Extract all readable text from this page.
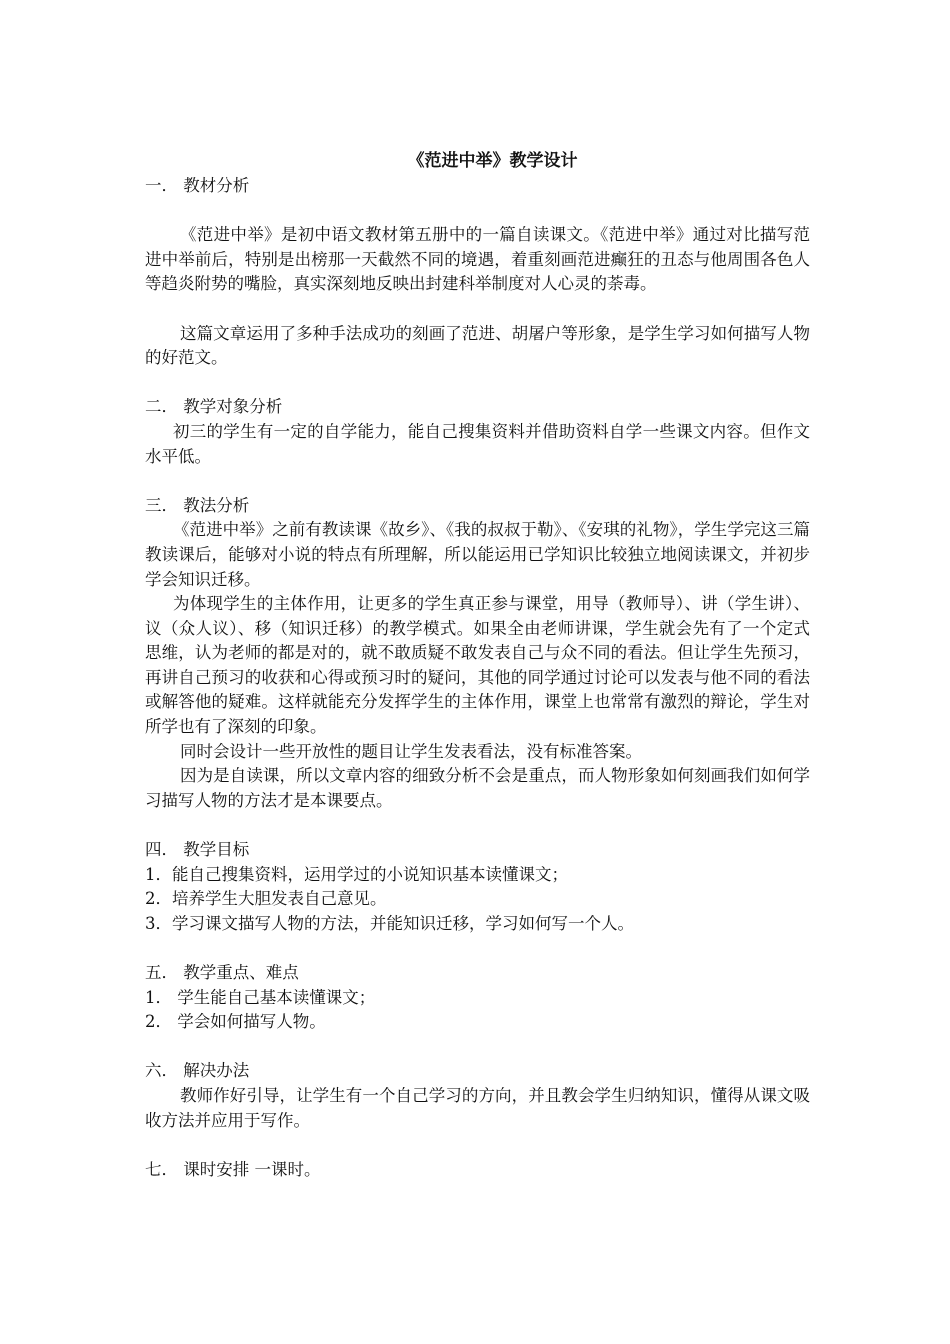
《范进中举》教学设计
一． 教材分析

《范进中举》是初中语文教材第五册中的一篇自读课文。《范进中举》通过对比描写范进中举前后，特别是出榜那一天截然不同的境遇，着重刻画范进癫狂的丑态与他周围各色人等趋炎附势的嘴脸，真实深刻地反映出封建科举制度对人心灵的荼毒。

这篇文章运用了多种手法成功的刻画了范进、胡屠户等形象，是学生学习如何描写人物的好范文。

二． 教学对象分析

初三的学生有一定的自学能力，能自己搜集资料并借助资料自学一些课文内容。但作文水平低。

三． 教法分析

《范进中举》之前有教读课《故乡》、《我的叔叔于勒》、《安琪的礼物》，学生学完这三篇教读课后，能够对小说的特点有所理解，所以能运用已学知识比较独立地阅读课文，并初步学会知识迁移。

为体现学生的主体作用，让更多的学生真正参与课堂，用导（教师导）、讲（学生讲）、议（众人议）、移（知识迁移）的教学模式。如果全由老师讲课，学生就会先有了一个定式思维，认为老师的都是对的，就不敢质疑不敢发表自己与众不同的看法。但让学生先预习，再讲自己预习的收获和心得或预习时的疑问，其他的同学通过讨论可以发表与他不同的看法或解答他的疑难。这样就能充分发挥学生的主体作用，课堂上也常常有激烈的辩论，学生对所学也有了深刻的印象。

同时会设计一些开放性的题目让学生发表看法，没有标准答案。

因为是自读课，所以文章内容的细致分析不会是重点，而人物形象如何刻画我们如何学习描写人物的方法才是本课要点。

四． 教学目标
1．能自己搜集资料，运用学过的小说知识基本读懂课文；
2．培养学生大胆发表自己意见。
3．学习课文描写人物的方法，并能知识迁移，学习如何写一个人。
五． 教学重点、难点
1． 学生能自己基本读懂课文；
2． 学会如何描写人物。
六． 解决办法

教师作好引导，让学生有一个自己学习的方向，并且教会学生归纳知识，懂得从课文吸收方法并应用于写作。

七． 课时安排 一课时。
